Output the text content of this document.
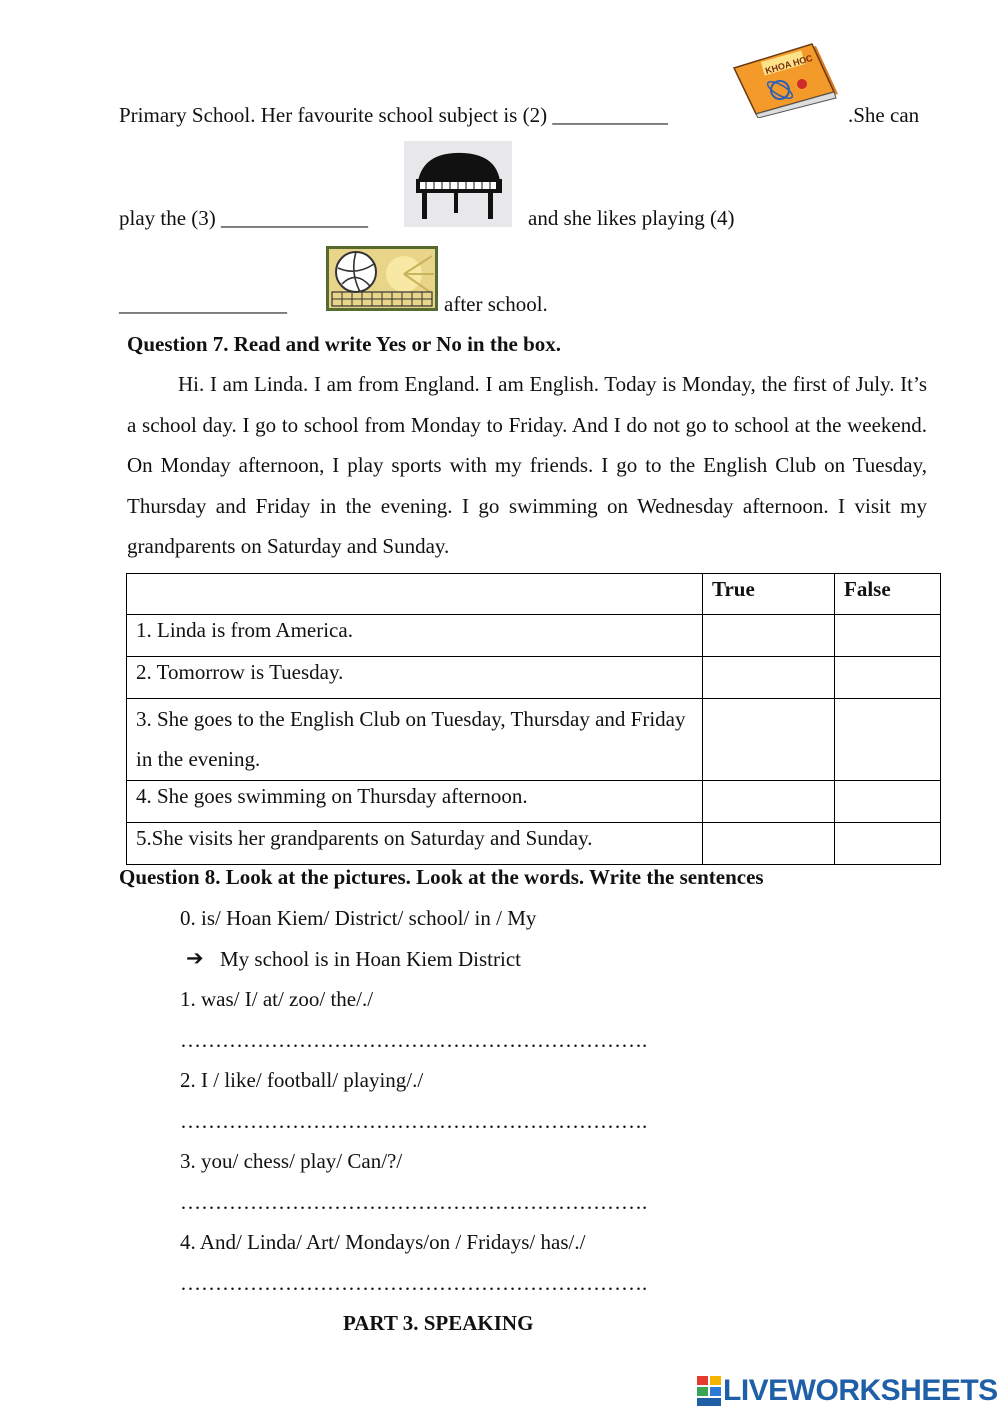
Primary School. Her favourite school subject is (2) ___________
KHOA HOC
.She can
play the (3) ______________	and she likes playing (4)
________________	after school.
Question 7. Read and write Yes or No in the box.
Hi. I am Linda. I am from England. I am English. Today is Monday, the first of July. It’s a school day. I go to school from Monday to Friday. And I do not go to school at the weekend. On Monday afternoon, I play sports with my friends. I go to the English Club on Tuesday, Thursday and Friday in the evening. I go swimming on Wednesday afternoon. I visit my grandparents on Saturday and Sunday.
	True	False
1. Linda is from America.		
2. Tomorrow is Tuesday.		
3. She goes to the English Club on Tuesday, Thursday and Friday in the evening.		
4. She goes swimming on Thursday afternoon.		
5.She visits her grandparents on Saturday and Sunday.		
Question 8. Look at the pictures. Look at the words. Write the sentences
0. is/ Hoan Kiem/ District/ school/ in / My
➔ My school is in Hoan Kiem District
1. was/ I/ at/ zoo/ the/./
………………………………………………………….
2. I / like/ football/ playing/./
………………………………………………………….
3. you/ chess/ play/ Can/?/
………………………………………………………….
4. And/ Linda/ Art/ Mondays/on / Fridays/ has/./
………………………………………………………….
PART 3. SPEAKING
LIVEWORKSHEETS
